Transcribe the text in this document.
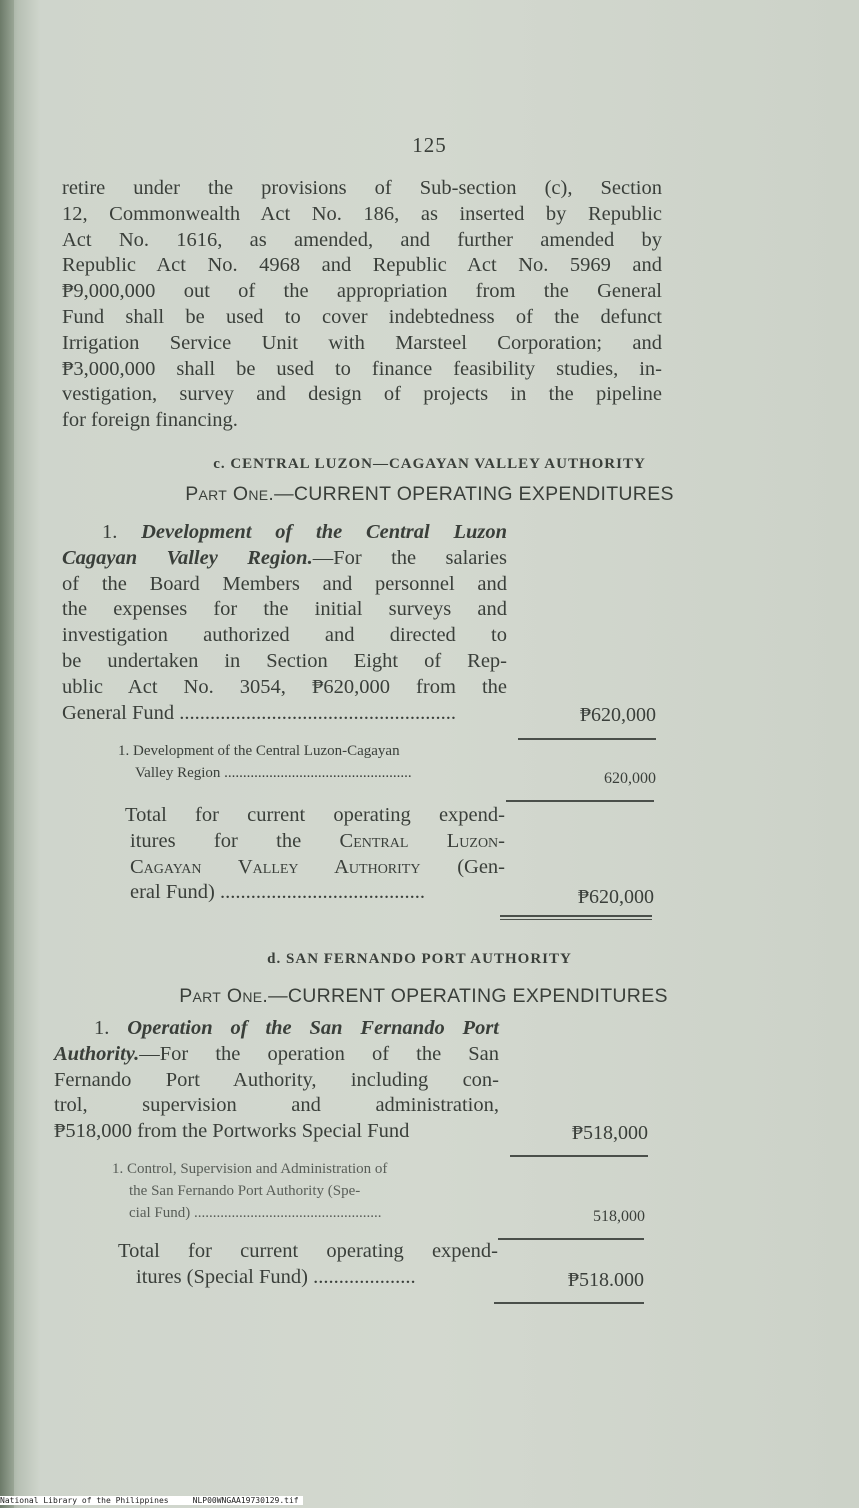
125
retire under the provisions of Sub-section (c), Section
12, Commonwealth Act No. 186, as inserted by Republic
Act No. 1616, as amended, and further amended by
Republic Act No. 4968 and Republic Act No. 5969 and
₱9,000,000 out of the appropriation from the General
Fund shall be used to cover indebtedness of the defunct
Irrigation Service Unit with Marsteel Corporation; and
₱3,000,000 shall be used to finance feasibility studies, in-
vestigation, survey and design of projects in the pipeline
for foreign financing.
c. CENTRAL LUZON—CAGAYAN VALLEY AUTHORITY
Part One.—CURRENT OPERATING EXPENDITURES
1. Development of the Central Luzon
Cagayan Valley Region.—For the salaries
of the Board Members and personnel and
the expenses for the initial surveys and
investigation authorized and directed to
be undertaken in Section Eight of Rep-
ublic Act No. 3054, ₱620,000 from the
General Fund ......................................................	₱620,000
1. Development of the Central Luzon-Cagayan
Valley Region ..................................................	620,000
Total for current operating expend-
itures for the Central Luzon-
Cagayan Valley Authority (Gen-
eral Fund) ........................................	₱620,000
d. SAN FERNANDO PORT AUTHORITY
Part One.—CURRENT OPERATING EXPENDITURES
1. Operation of the San Fernando Port
Authority.—For the operation of the San
Fernando Port Authority, including con-
trol, supervision and administration,
₱518,000 from the Portworks Special Fund	₱518,000
1. Control, Supervision and Administration of
the San Fernando Port Authority (Spe-
cial Fund) ..................................................	518,000
Total for current operating expend-
itures (Special Fund) ....................	₱518.000
National Library of the Philippines     NLP00WNGAA19730129.tif
